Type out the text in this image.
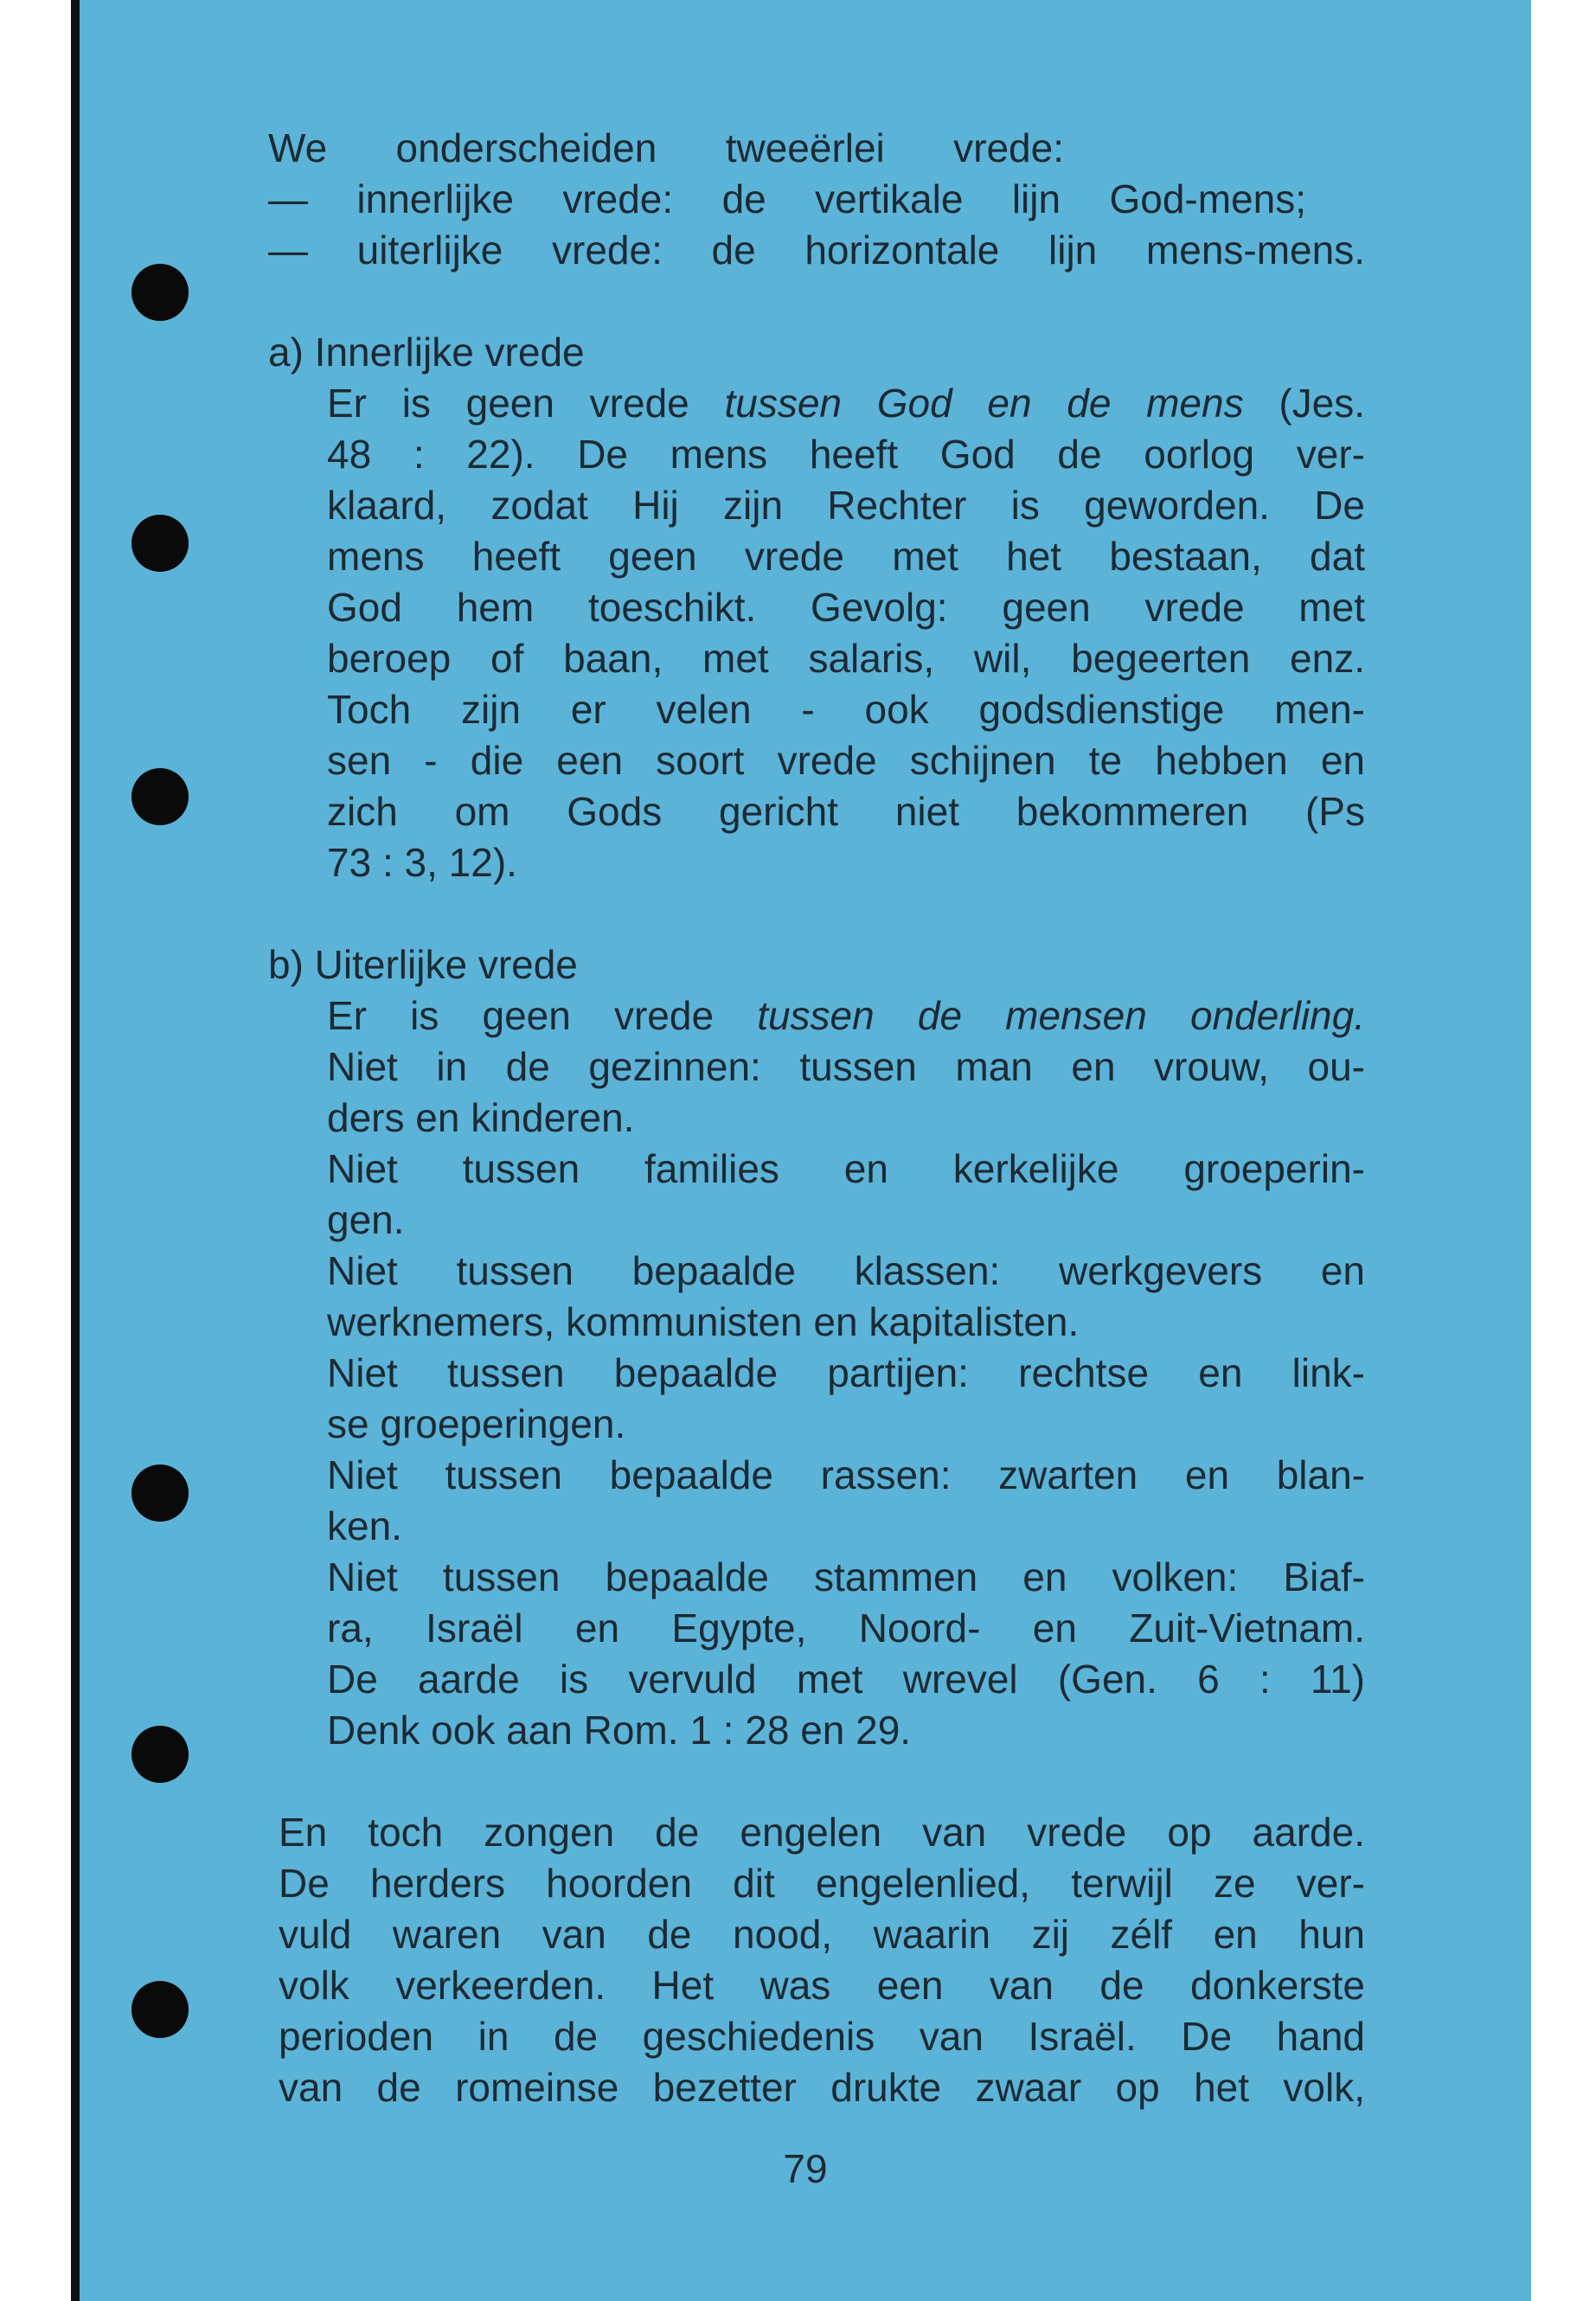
We onderscheiden tweeërlei vrede:
— innerlijke vrede: de vertikale lijn God-mens;
— uiterlijke vrede: de horizontale lijn mens-mens.
a) Innerlijke vrede
Er is geen vrede tussen God en de mens (Jes.
48 : 22). De mens heeft God de oorlog ver-
klaard, zodat Hij zijn Rechter is geworden. De
mens heeft geen vrede met het bestaan, dat
God hem toeschikt. Gevolg: geen vrede met
beroep of baan, met salaris, wil, begeerten enz.
Toch zijn er velen - ook godsdienstige men-
sen - die een soort vrede schijnen te hebben en
zich om Gods gericht niet bekommeren (Ps
73 : 3, 12).
b) Uiterlijke vrede
Er is geen vrede tussen de mensen onderling.
Niet in de gezinnen: tussen man en vrouw, ou-
ders en kinderen.
Niet tussen families en kerkelijke groeperin-
gen.
Niet tussen bepaalde klassen: werkgevers en
werknemers, kommunisten en kapitalisten.
Niet tussen bepaalde partijen: rechtse en link-
se groeperingen.
Niet tussen bepaalde rassen: zwarten en blan-
ken.
Niet tussen bepaalde stammen en volken: Biaf-
ra, Israël en Egypte, Noord- en Zuit-Vietnam.
De aarde is vervuld met wrevel (Gen. 6 : 11)
Denk ook aan Rom. 1 : 28 en 29.
En toch zongen de engelen van vrede op aarde.
De herders hoorden dit engelenlied, terwijl ze ver-
vuld waren van de nood, waarin zij zélf en hun
volk verkeerden. Het was een van de donkerste
perioden in de geschiedenis van Israël. De hand
van de romeinse bezetter drukte zwaar op het volk,
79
